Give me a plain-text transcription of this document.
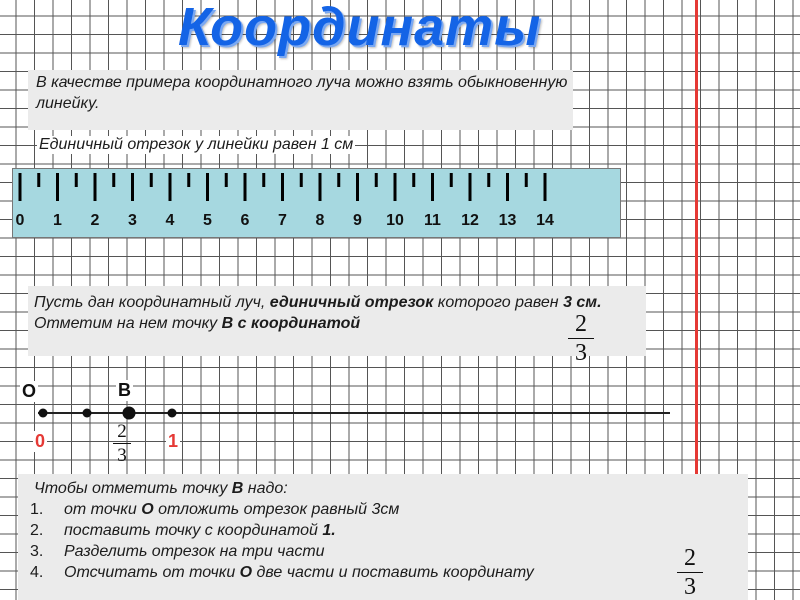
Координаты
В качестве примера координатного луча можно взять обыкновенную линейку.
Единичный отрезок у линейки равен 1 см
0 1 2 3 4 5 6 7 8 9 10 11 12 13 14
Пусть дан координатный луч, единичный отрезок которого равен 3 см. Отметим на нем точку В с координатой	2
3
О	В
0	1
2
3
Чтобы отметить точку В надо:
от точки О отложить отрезок равный 3см
поставить точку с координатой 1.
Разделить отрезок на три части
Отсчитать от точки О две части и поставить координату
2
3
